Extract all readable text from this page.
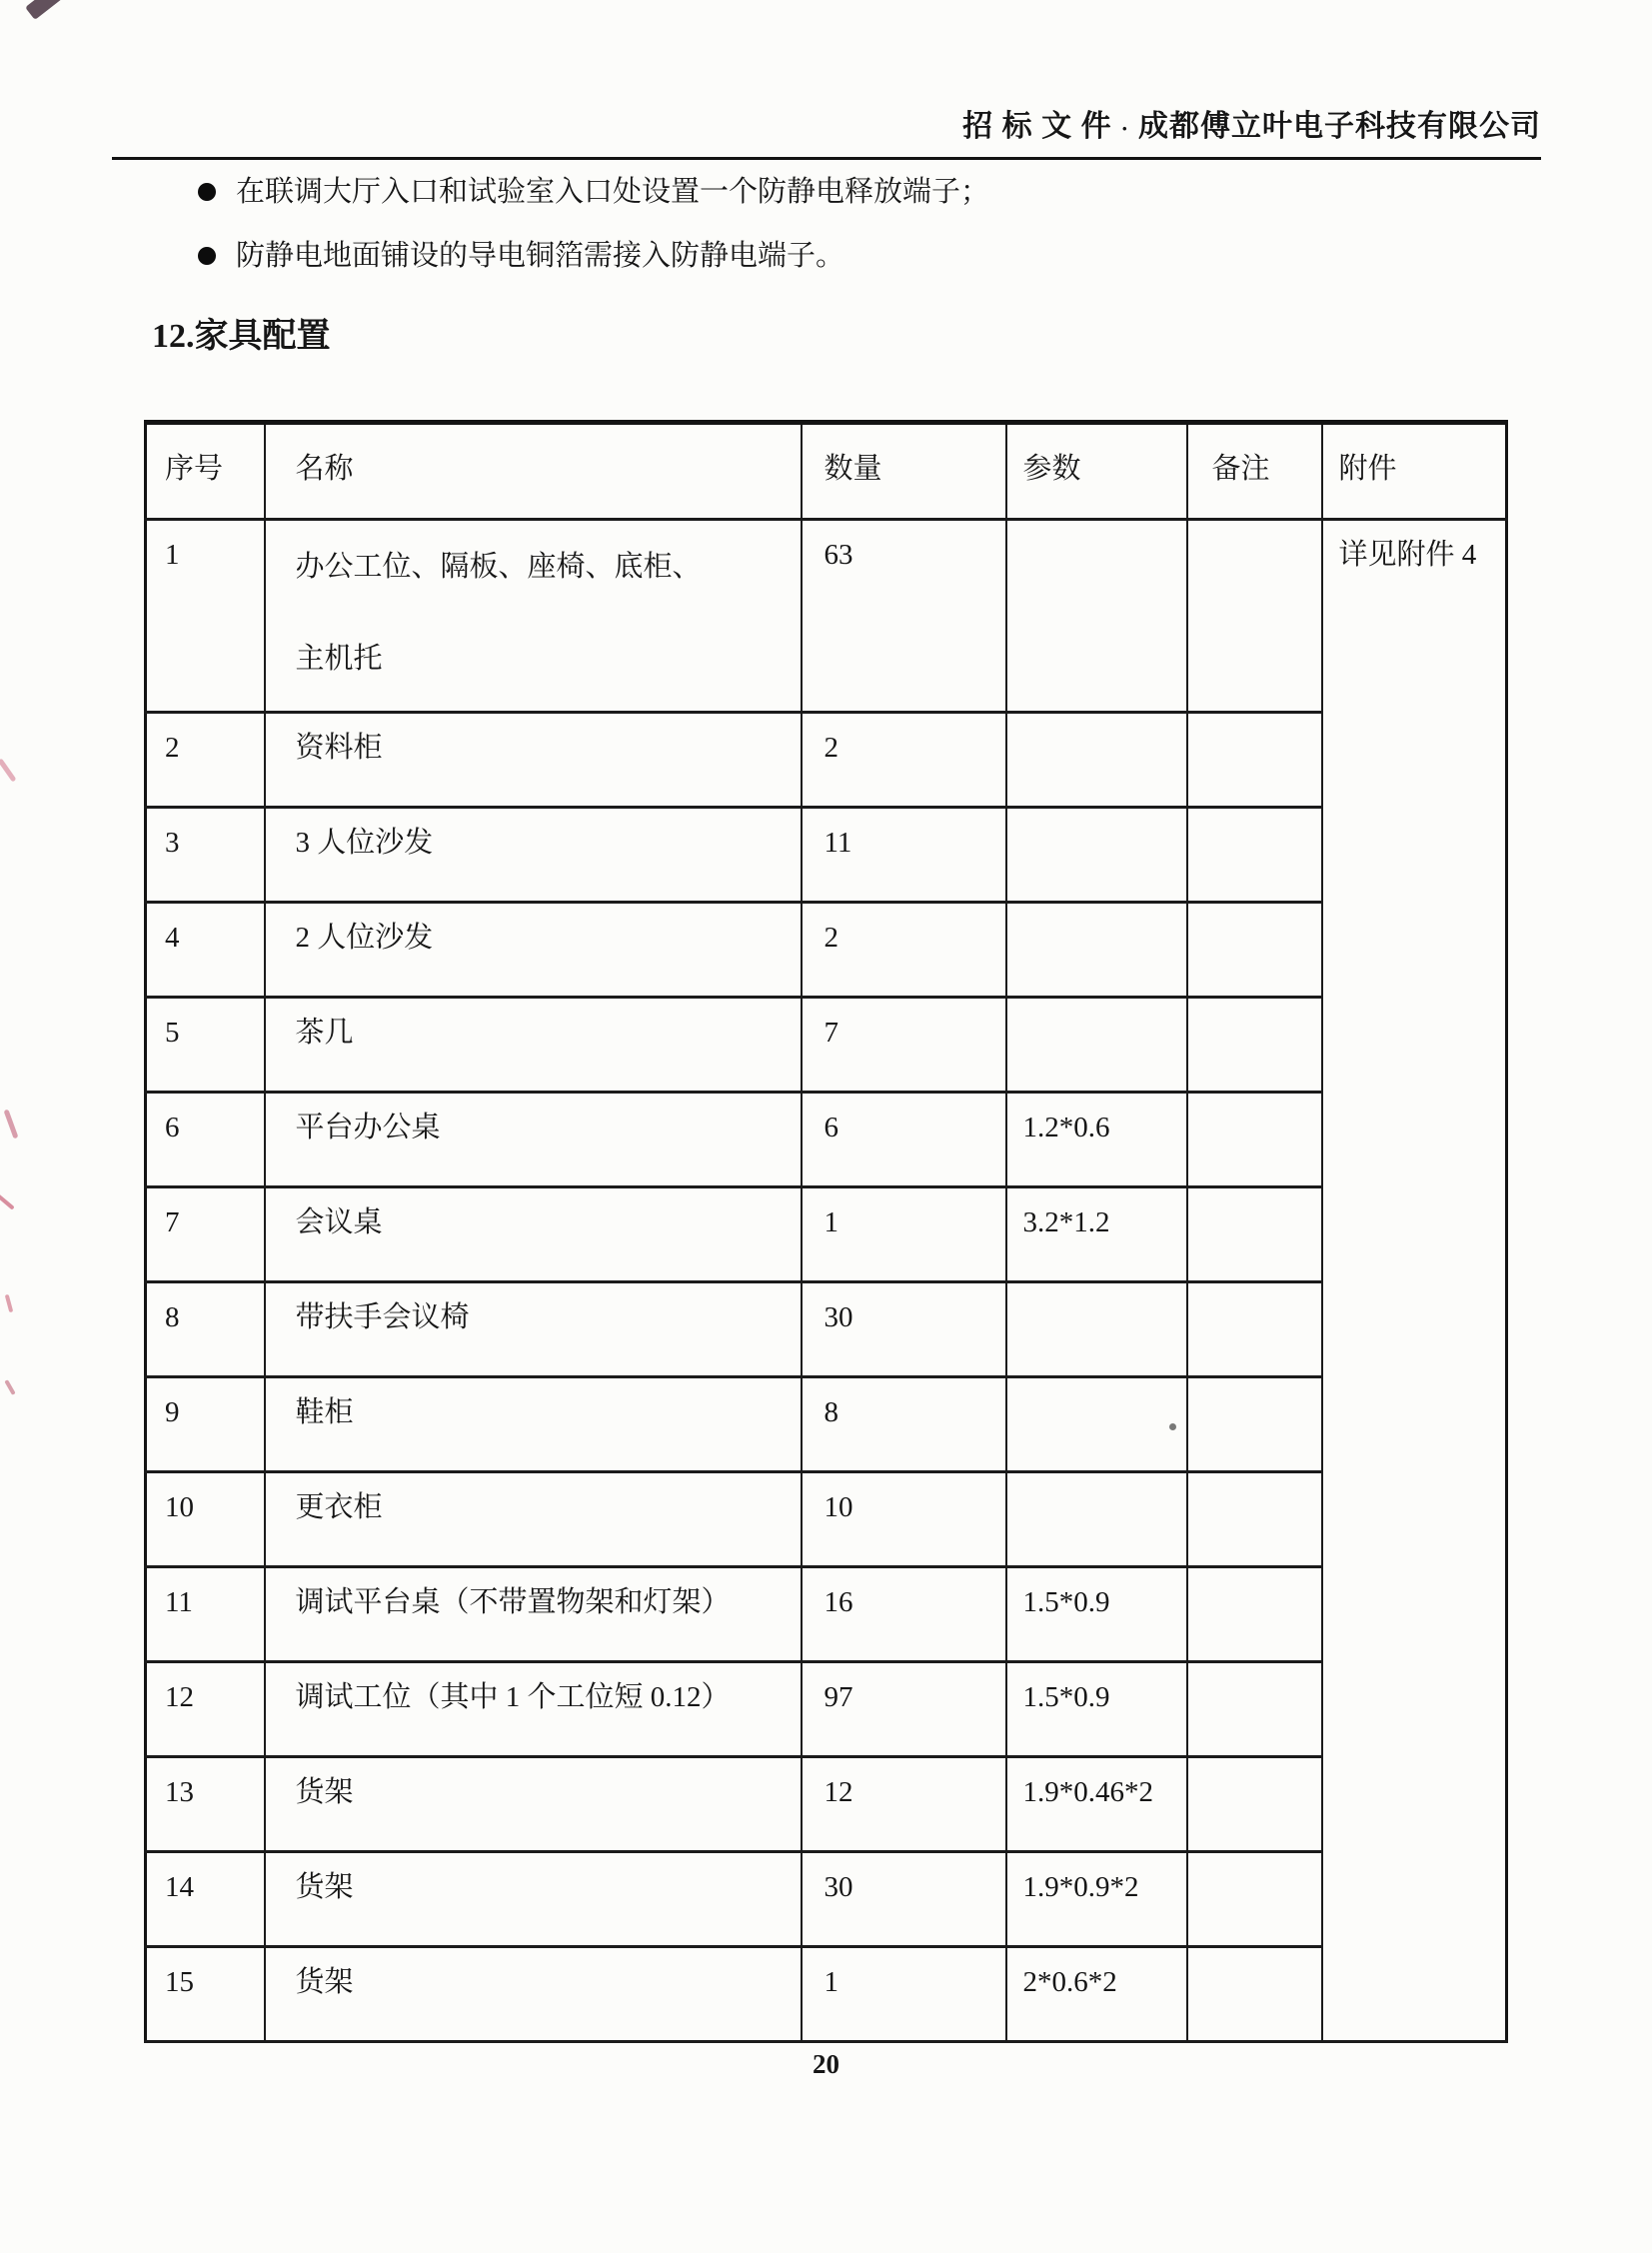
招 标 文 件 · 成都傅立叶电子科技有限公司
在联调大厅入口和试验室入口处设置一个防静电释放端子；
防静电地面铺设的导电铜箔需接入防静电端子。
12.家具配置
序号	名称	数量	参数	备注	附件
1	办公工位、隔板、座椅、底柜、主机托	63			详见附件 4
2	资料柜	2			
3	3 人位沙发	11			
4	2 人位沙发	2			
5	茶几	7			
6	平台办公桌	6	1.2*0.6		
7	会议桌	1	3.2*1.2		
8	带扶手会议椅	30			
9	鞋柜	8			
10	更衣柜	10			
11	调试平台桌（不带置物架和灯架）	16	1.5*0.9		
12	调试工位（其中 1 个工位短 0.12）	97	1.5*0.9		
13	货架	12	1.9*0.46*2		
14	货架	30	1.9*0.9*2		
15	货架	1	2*0.6*2		
20
